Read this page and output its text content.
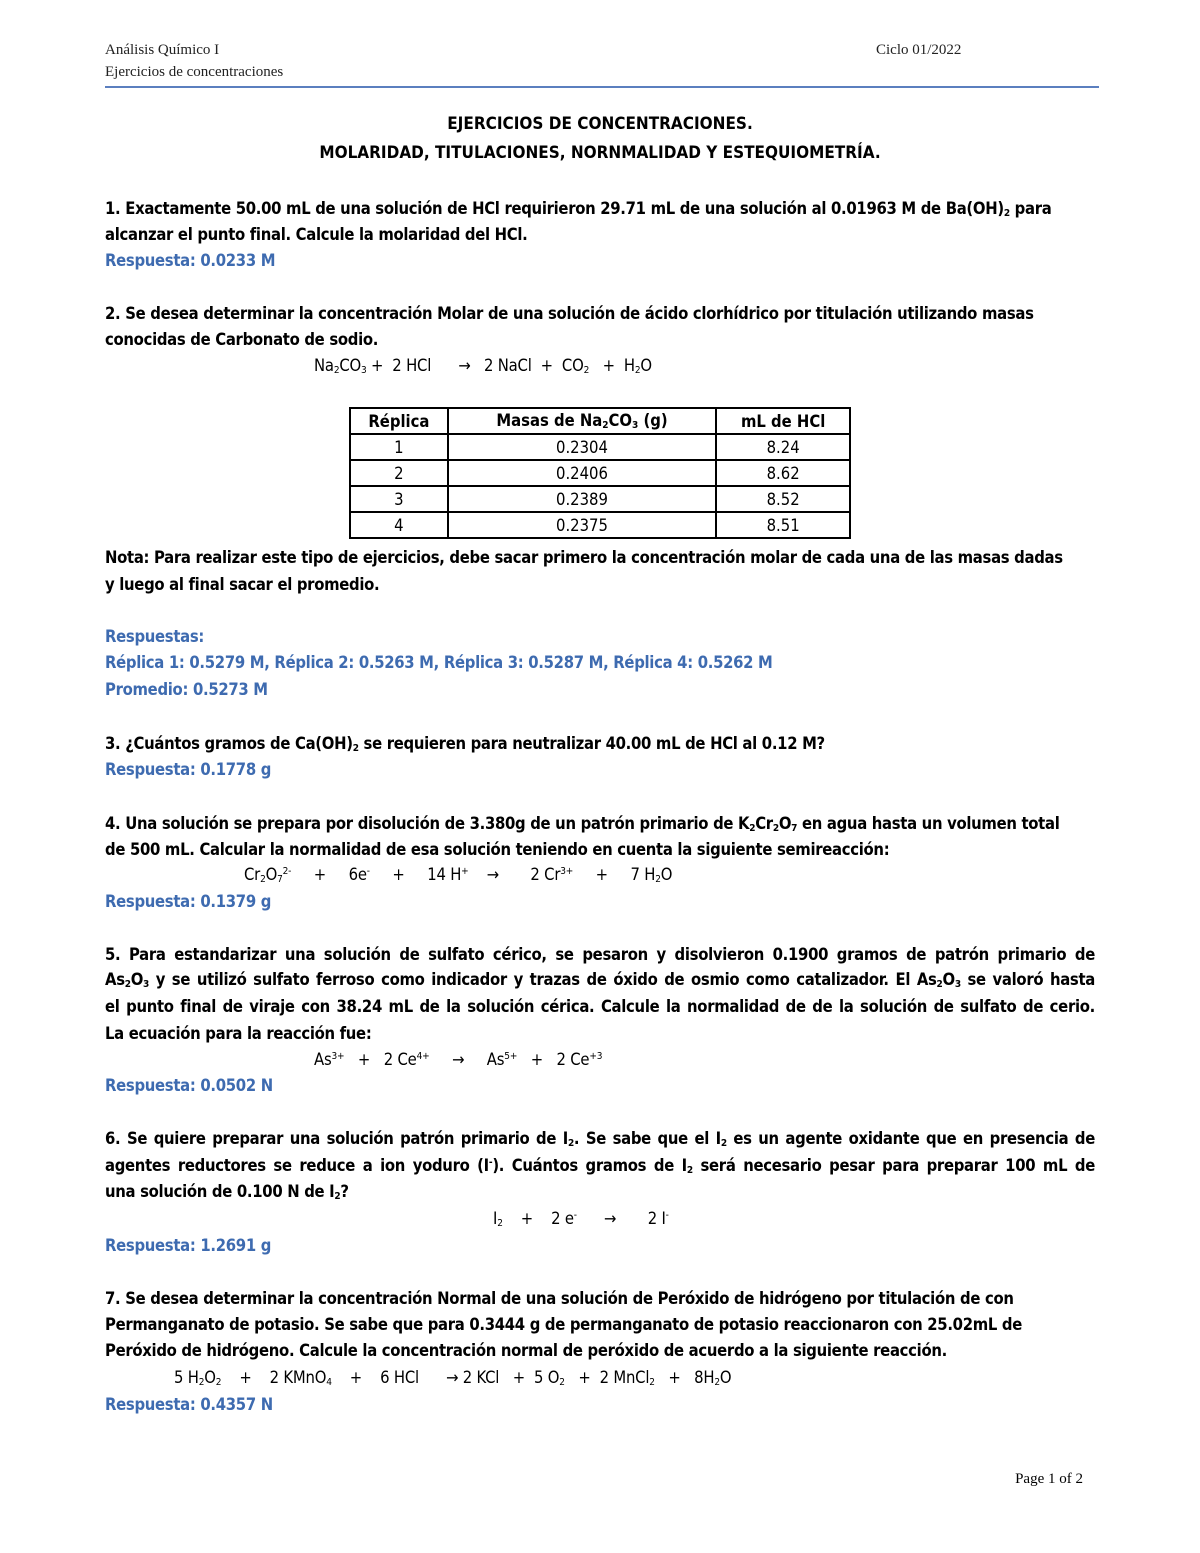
Análisis Químico I
Ejercicios de concentraciones
Ciclo 01/2022
EJERCICIOS DE CONCENTRACIONES.
MOLARIDAD, TITULACIONES, NORNMALIDAD Y ESTEQUIOMETRÍA.
1. Exactamente 50.00 mL de una solución de HCl requirieron 29.71 mL de una solución al 0.01963 M de $Ba(OH)_2$ para
alcanzar el punto final. Calcule la molaridad del HCl.
Respuesta: 0.0233 M
2. Se desea determinar la concentración Molar de una solución de ácido clorhídrico por titulación utilizando masas
conocidas de Carbonato de sodio.
$Na_2CO_3 + 2$ HCl      →   2 NaCl  +  $CO_2 + H_2O$
Réplica	Masas de $Na_2CO_3$ (g)	mL de HCl
1	0.2304	8.24
2	0.2406	8.62
3	0.2389	8.52
4	0.2375	8.51
Nota: Para realizar este tipo de ejercicios, debe sacar primero la concentración molar de cada una de las masas dadas
y luego al final sacar el promedio.
Respuestas:
Réplica 1: 0.5279 M, Réplica 2: 0.5263 M, Réplica 3: 0.5287 M, Réplica 4: 0.5262 M
Promedio: 0.5273 M
3. ¿Cuántos gramos de $Ca(OH)_2$ se requieren para neutralizar 40.00 mL de HCl al 0.12 M?
Respuesta: 0.1778 g
4. Una solución se prepara por disolución de 3.380g de un patrón primario de $K_2Cr_2O_7$ en agua hasta un volumen total
de 500 mL. Calcular la normalidad de esa solución teniendo en cuenta la siguiente semireacción:
$Cr_2O_7^{2-}$     +     6e-     +     14 H+    →       2 $Cr^{3+}$     +     7 $H_2O$
Respuesta: 0.1379 g
5. Para estandarizar una solución de sulfato cérico, se pesaron y disolvieron 0.1900 gramos de patrón primario de
$As_2O_3$ y se utilizó sulfato ferroso como indicador y trazas de óxido de osmio como catalizador. El $As_2O_3$ se valoró hasta
el punto final de viraje con 38.24 mL de la solución cérica. Calcule la normalidad de de la solución de sulfato de cerio.
La ecuación para la reacción fue:
$As^{3+} + 2$ $Ce^{4+}$     →     $As^{5+} + 2$ $Ce^{+3}$
Respuesta: 0.0502 N
6. Se quiere preparar una solución patrón primario de $I_2$. Se sabe que el $I_2$ es un agente oxidante que en presencia de
agentes reductores se reduce a ion yoduro (I-). Cuántos gramos de $I_2$ será necesario pesar para preparar 100 mL de
una solución de 0.100 N de $I_2$?
$I_2$    +    2 e-      →       2 I-
Respuesta: 1.2691 g
7. Se desea determinar la concentración Normal de una solución de Peróxido de hidrógeno por titulación de con
Permanganato de potasio. Se sabe que para 0.3444 g de permanganato de potasio reaccionaron con 25.02mL de
Peróxido de hidrógeno. Calcule la concentración normal de peróxido de acuerdo a la siguiente reacción.
5 $H_2O_2$    +    2 KMnO$_4$    +    6 HCl      → 2 KCl   +  5 $O_2 + 2$ MnCl$_2$   +   $8H_2O$
Respuesta: 0.4357 N
Page 1 of 2
